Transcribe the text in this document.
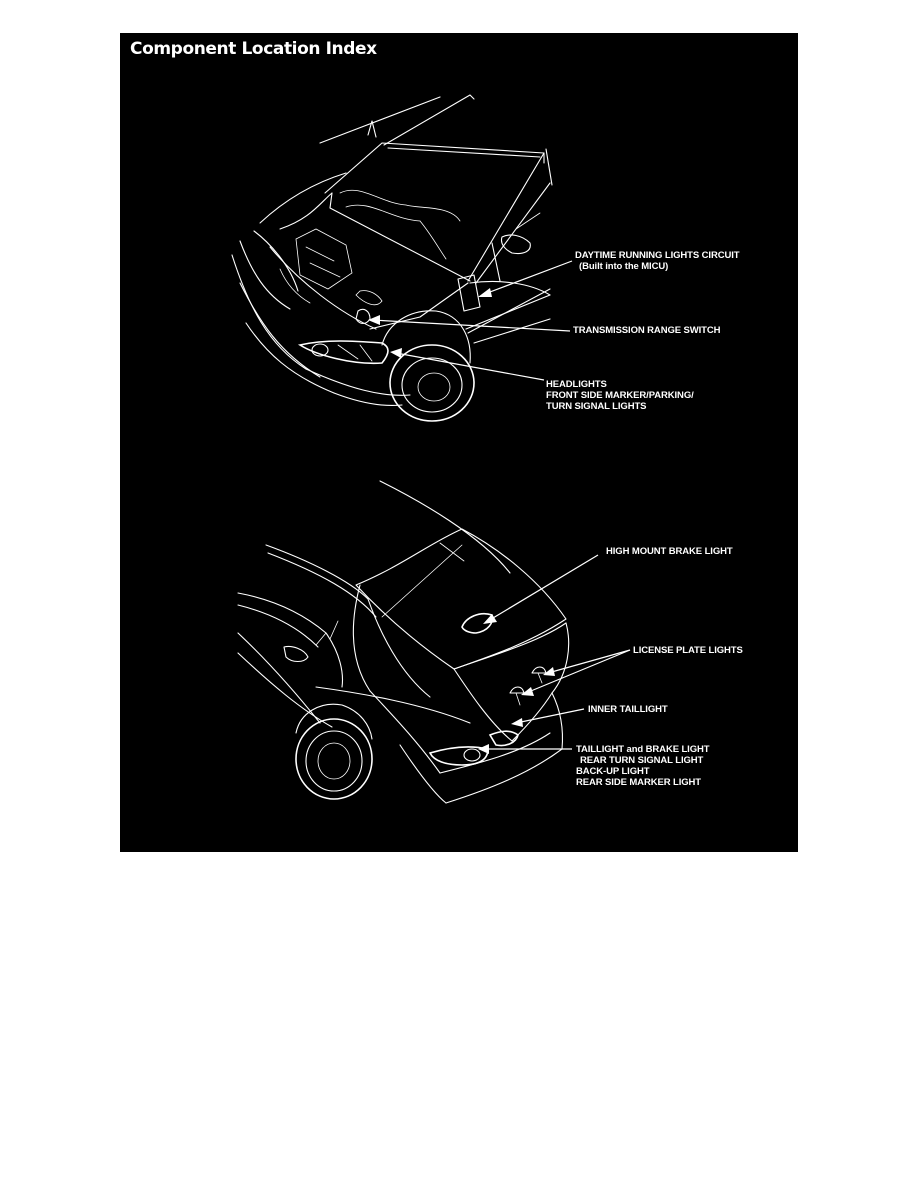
Component Location Index
DAYTIME RUNNING LIGHTS CIRCUIT
(Built into the MICU)
TRANSMISSION RANGE SWITCH
HEADLIGHTS
FRONT SIDE MARKER/PARKING/
TURN SIGNAL LIGHTS
HIGH MOUNT BRAKE LIGHT
LICENSE PLATE LIGHTS
INNER TAILLIGHT
TAILLIGHT and BRAKE LIGHT
REAR TURN SIGNAL LIGHT
BACK-UP LIGHT
REAR SIDE MARKER LIGHT
